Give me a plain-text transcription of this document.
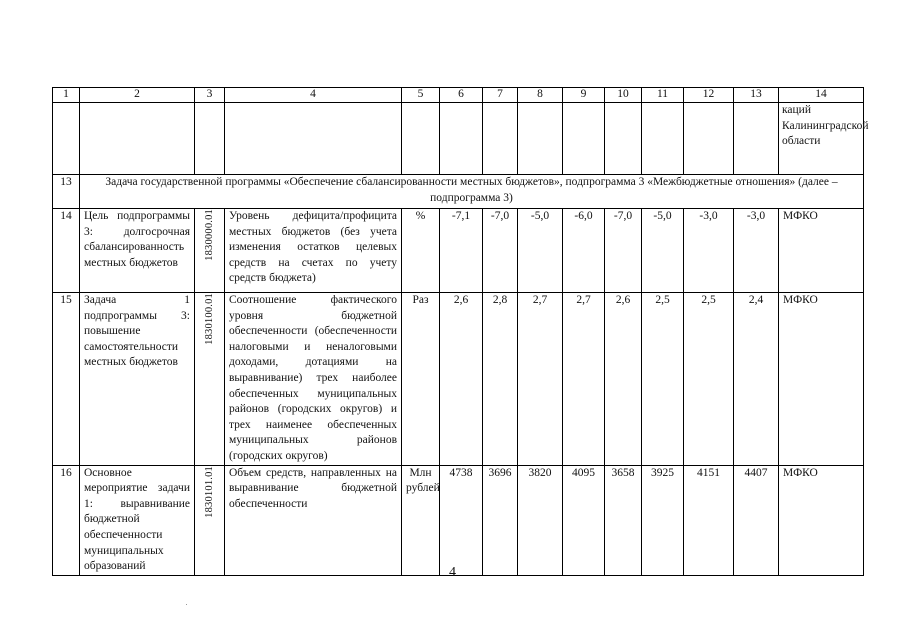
1	2	3	4	5	6	7	8	9	10	11	12	13	14
													каций Калининградской области
13	Задача государственной программы «Обеспечение сбалансированности местных бюджетов», подпрограмма 3 «Межбюджетные отношения» (далее – подпрограмма 3)												
14	Цель подпрограммы 3: долгосрочная сбалансированность местных бюджетов	1830000.01	Уровень дефицита/профицита местных бюджетов (без учета изменения остатков целевых средств на счетах по учету средств бюджета)	%	-7,1	-7,0	-5,0	-6,0	-7,0	-5,0	-3,0	-3,0	МФКО
15	Задача 1 подпрограммы 3: повышение самостоятельности местных бюджетов	1830100.01	Соотношение фактического уровня бюджетной обеспеченности (обеспеченности налоговыми и неналоговыми доходами, дотациями на выравнивание) трех наиболее обеспеченных муниципальных районов (городских округов) и трех наименее обеспеченных муниципальных районов (городских округов)	Раз	2,6	2,8	2,7	2,7	2,6	2,5	2,5	2,4	МФКО
16	Основное мероприятие задачи 1: выравнивание бюджетной обеспеченности муниципальных образований	1830101.01	Объем средств, направленных на выравнивание бюджетной обеспеченности	Млн рублей	4738	3696	3820	4095	3658	3925	4151	4407	МФКО
4
